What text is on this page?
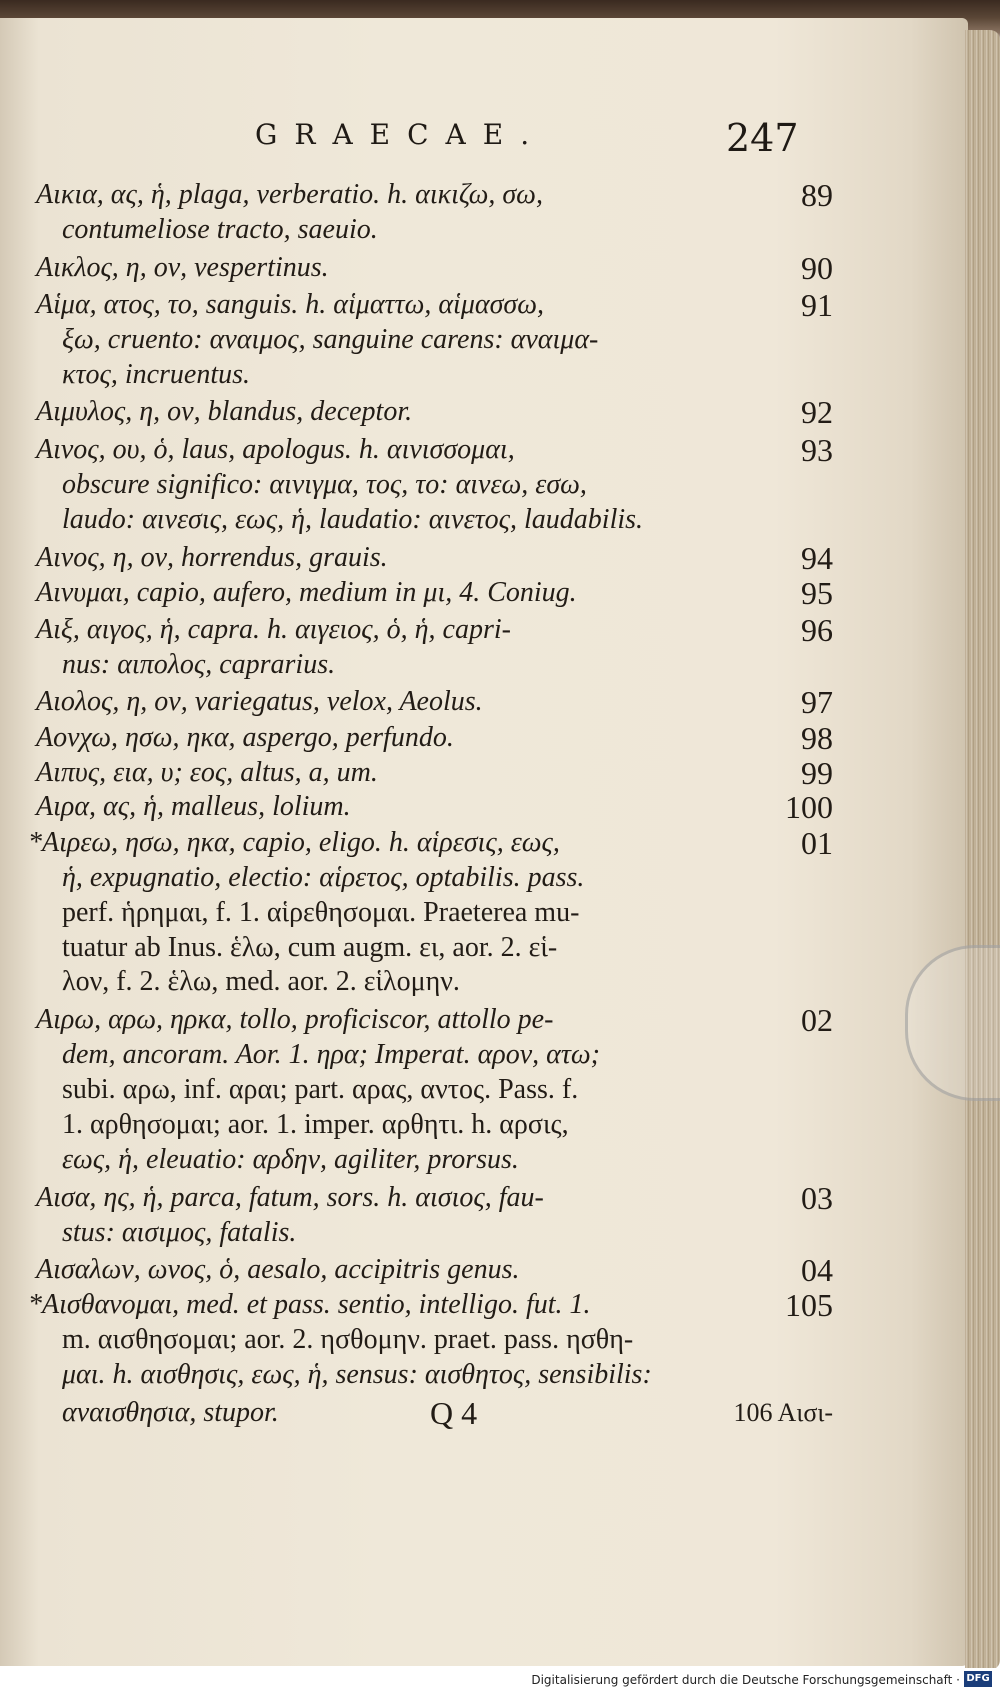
GRAECAE.	247
Αικια, ας, ἡ, plaga, verberatio. h. αικιζω, σω,	89
contumeliose tracto, saeuio.
Αικλος, η, ον, vespertinus.	90
Αἱμα, ατος, το, sanguis. h. αἱματτω, αἱμασσω,	91
ξω, cruento: αναιμος, sanguine carens: αναιμα-
κτος, incruentus.
Αιμυλος, η, ον, blandus, deceptor.	92
Αινος, ου, ὁ, laus, apologus. h. αινισσομαι,	93
obscure significo: αινιγμα, τος, το: αινεω, εσω,
laudo: αινεσις, εως, ἡ, laudatio: αινετος, laudabilis.
Αινος, η, ον, horrendus, grauis.	94
Αινυμαι, capio, aufero, medium in μι, 4. Coniug.	95
Αιξ, αιγος, ἡ, capra. h. αιγειος, ὁ, ἡ, capri-	96
nus: αιπολος, caprarius.
Αιολος, η, ον, variegatus, velox, Aeolus.	97
Αονχω, ησω, ηκα, aspergo, perfundo.	98
Αιπυς, εια, υ; εος, altus, a, um.	99
Αιρα, ας, ἡ, malleus, lolium.	100
*Αιρεω, ησω, ηκα, capio, eligo. h. αἱρεσις, εως,	01
ἡ, expugnatio, electio: αἱρετος, optabilis. pass.
perf. ἡρημαι, f. 1. αἱρεθησομαι. Praeterea mu-
tuatur ab Inus. ἑλω, cum augm. ει, aor. 2. εἱ-
λον, f. 2. ἑλω, med. aor. 2. εἱλομην.
Αιρω, αρω, ηρκα, tollo, proficiscor, attollo pe-	02
dem, ancoram. Aor. 1. ηρα; Imperat. αρον, ατω;
subi. αρω, inf. αραι; part. αρας, αντος. Pass. f.
1. αρθησομαι; aor. 1. imper. αρθητι. h. αρσις,
εως, ἡ, eleuatio: αρδην, agiliter, prorsus.
Αισα, ης, ἡ, parca, fatum, sors. h. αισιος, fau-	03
stus: αισιμος, fatalis.
Αισαλων, ωνος, ὁ, aesalo, accipitris genus.	04
*Αισθανομαι, med. et pass. sentio, intelligo. fut. 1.	105
m. αισθησομαι; aor. 2. ησθομην. praet. pass. ησθη-
μαι. h. αισθησις, εως, ἡ, sensus: αισθητος, sensibilis:
αναισθησια, stupor.	Q 4	106 Αισι-
Digitalisierung gefördert durch die Deutsche Forschungsgemeinschaft · DFG
